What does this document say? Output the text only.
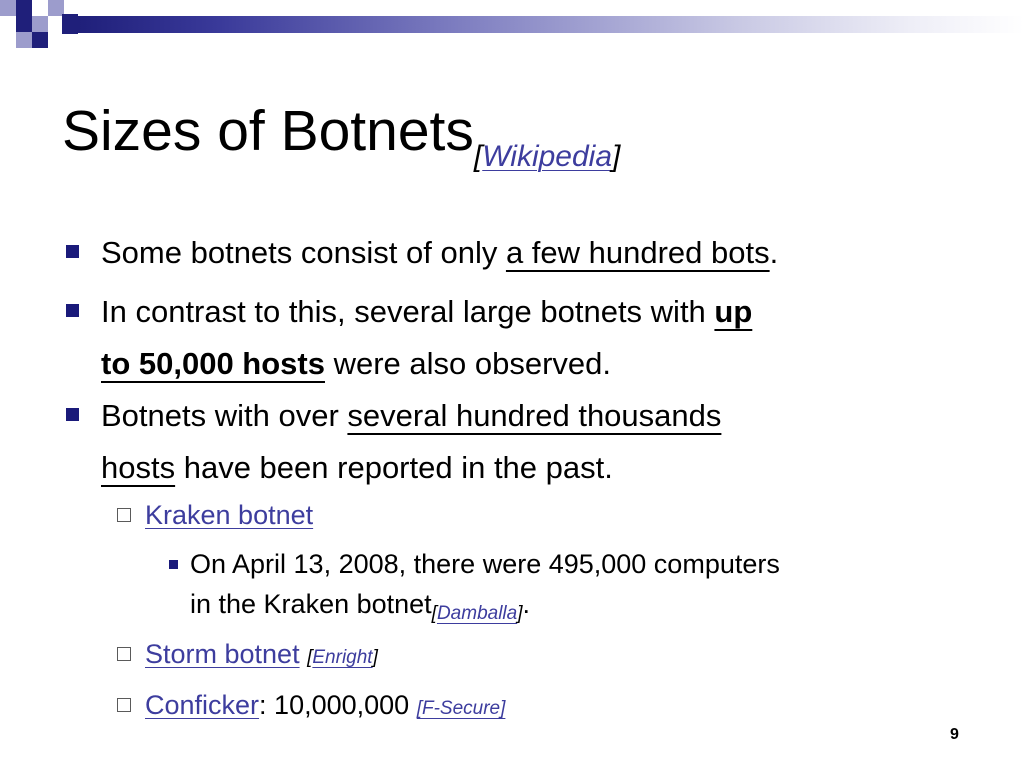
Sizes of Botnets$_{[Wikipedia]}$
Some botnets consist of only a few hundred bots.
In contrast to this, several large botnets with up
to 50,000 hosts were also observed.
Botnets with over several hundred thousands
hosts have been reported in the past.
Kraken botnet
On April 13, 2008, there were 495,000 computers
in the Kraken botnet$_{[Damballa]}$.
Storm botnet [Enright]
Conficker: 10,000,000 [F-Secure]
9
